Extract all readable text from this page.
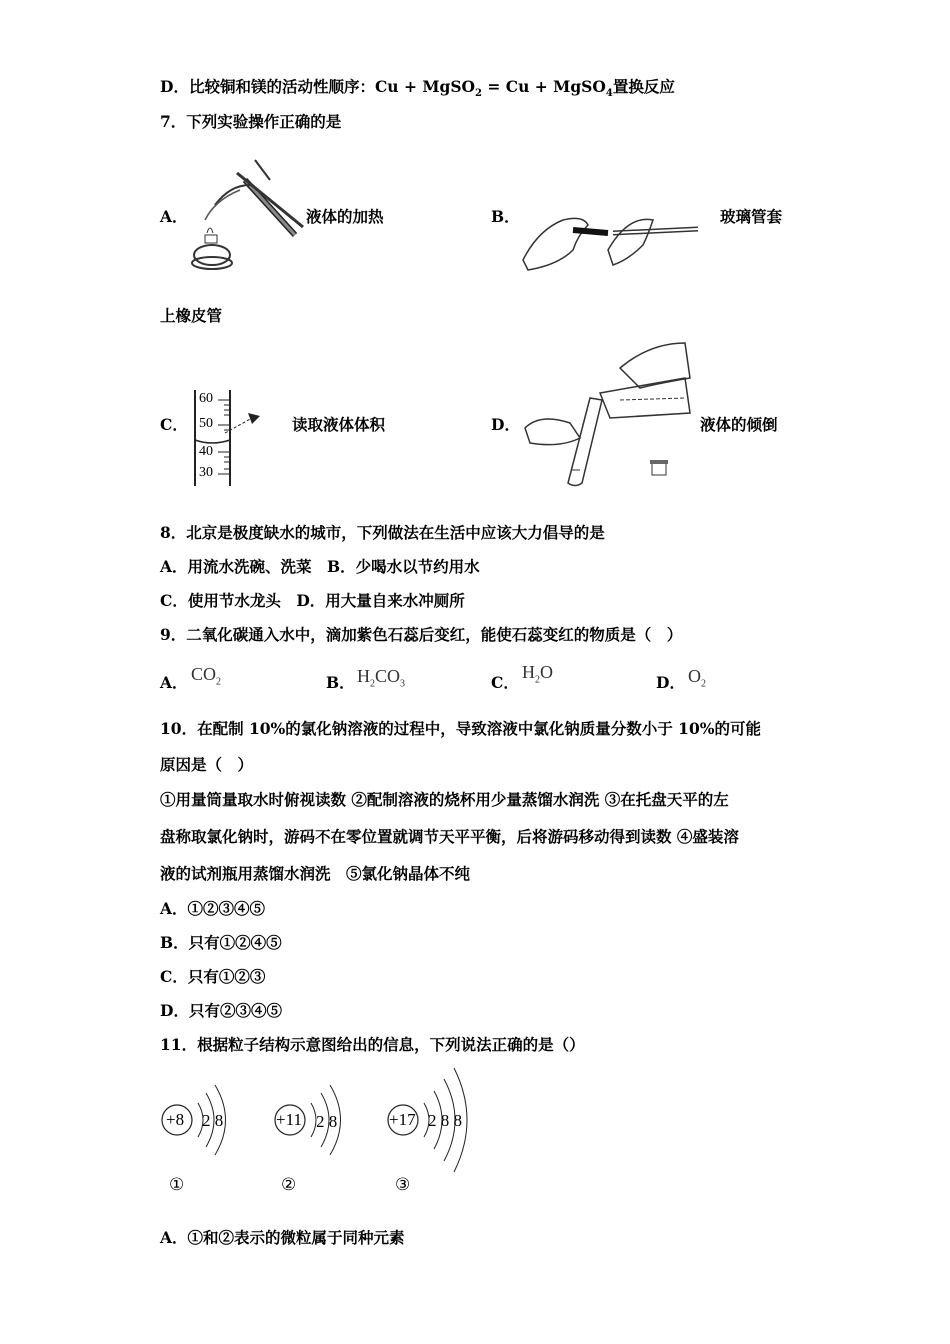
D．比较铜和镁的活动性顺序：Cu + MgSO$_2$ = Cu + MgSO$_4$置换反应
7．下列实验操作正确的是
A．	液体的加热	B．	玻璃管套
上橡皮管
C．
60
50
40
30
读取液体体积	D．	液体的倾倒
8．北京是极度缺水的城市，下列做法在生活中应该大力倡导的是
A．用流水洗碗、洗菜　B．少喝水以节约用水
C．使用节水龙头　D．用大量自来水冲厕所
9．二氧化碳通入水中，滴加紫色石蕊后变红，能使石蕊变红的物质是（　）
A． $CO_2$	B． $H_2CO_3$	C．
$H_2O$
D． $O_2$
10．在配制 10%的氯化钠溶液的过程中，导致溶液中氯化钠质量分数小于 10%的可能
原因是（　）
①用量筒量取水时俯视读数 ②配制溶液的烧杯用少量蒸馏水润洗 ③在托盘天平的左
盘称取氯化钠时，游码不在零位置就调节天平平衡，后将游码移动得到读数 ④盛装溶
液的试剂瓶用蒸馏水润洗　⑤氯化钠晶体不纯
A．①②③④⑤
B．只有①②④⑤
C．只有①②③
D．只有②③④⑤
11．根据粒子结构示意图给出的信息，下列说法正确的是（）
+8 2 8
①
+11 2 8
②
+17 2 8 8
③
A．①和②表示的微粒属于同种元素
